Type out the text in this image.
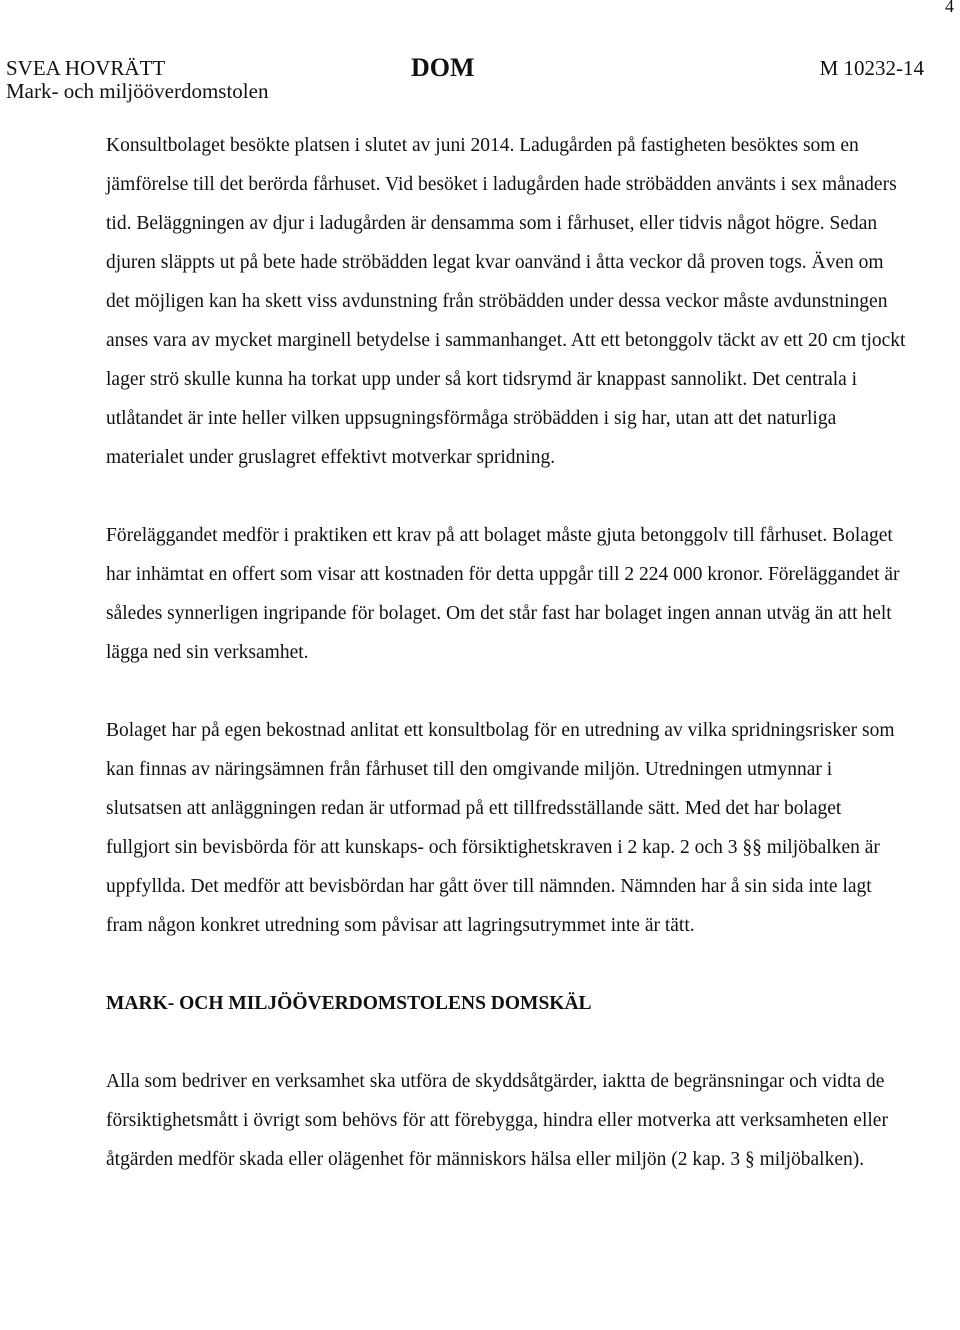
4
SVEA HOVRÄTT
Mark- och miljööverdomstolen
DOM	M 10232-14

Konsultbolaget besökte platsen i slutet av juni 2014. Ladugården på fastigheten besöktes som en jämförelse till det berörda fårhuset. Vid besöket i ladugården hade ströbädden använts i sex månaders tid. Beläggningen av djur i ladugården är densamma som i fårhuset, eller tidvis något högre. Sedan djuren släppts ut på bete hade ströbädden legat kvar oanvänd i åtta veckor då proven togs. Även om det möjligen kan ha skett viss avdunstning från ströbädden under dessa veckor måste avdunstningen anses vara av mycket marginell betydelse i sammanhanget. Att ett betonggolv täckt av ett 20 cm tjockt lager strö skulle kunna ha torkat upp under så kort tidsrymd är knappast sannolikt. Det centrala i utlåtandet är inte heller vilken uppsugningsförmåga ströbädden i sig har, utan att det naturliga materialet under gruslagret effektivt motverkar spridning.

Föreläggandet medför i praktiken ett krav på att bolaget måste gjuta betonggolv till fårhuset. Bolaget har inhämtat en offert som visar att kostnaden för detta uppgår till 2 224 000 kronor. Föreläggandet är således synnerligen ingripande för bolaget. Om det står fast har bolaget ingen annan utväg än att helt lägga ned sin verksamhet.

Bolaget har på egen bekostnad anlitat ett konsultbolag för en utredning av vilka spridningsrisker som kan finnas av näringsämnen från fårhuset till den omgivande miljön. Utredningen utmynnar i slutsatsen att anläggningen redan är utformad på ett tillfredsställande sätt. Med det har bolaget fullgjort sin bevisbörda för att kunskaps- och försiktighetskraven i 2 kap. 2 och 3 §§ miljöbalken är uppfyllda. Det medför att bevisbördan har gått över till nämnden. Nämnden har å sin sida inte lagt fram någon konkret utredning som påvisar att lagringsutrymmet inte är tätt.

MARK- OCH MILJÖÖVERDOMSTOLENS DOMSKÄL

Alla som bedriver en verksamhet ska utföra de skyddsåtgärder, iaktta de begränsningar och vidta de försiktighetsmått i övrigt som behövs för att förebygga, hindra eller motverka att verksamheten eller åtgärden medför skada eller olägenhet för människors hälsa eller miljön (2 kap. 3 § miljöbalken).
